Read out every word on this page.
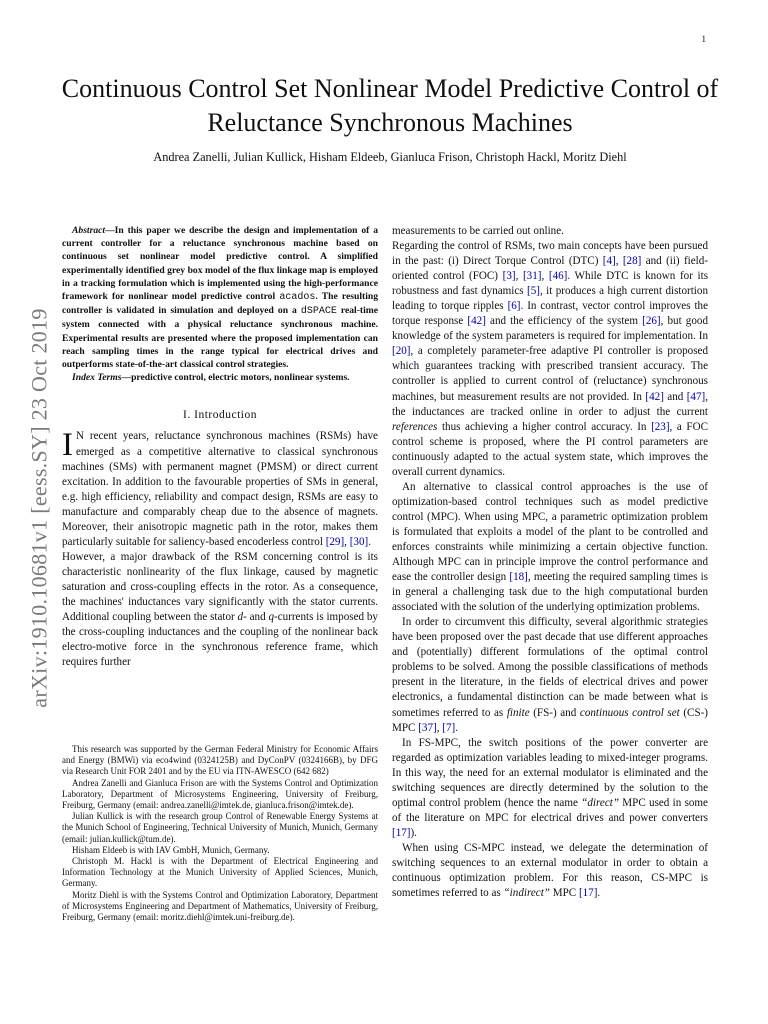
1
arXiv:1910.10681v1 [eess.SY] 23 Oct 2019
Continuous Control Set Nonlinear Model Predictive Control of Reluctance Synchronous Machines
Andrea Zanelli, Julian Kullick, Hisham Eldeeb, Gianluca Frison, Christoph Hackl, Moritz Diehl

Abstract—In this paper we describe the design and implementation of a current controller for a reluctance synchronous machine based on continuous set nonlinear model predictive control. A simplified experimentally identified grey box model of the flux linkage map is employed in a tracking formulation which is implemented using the high-performance framework for nonlinear model predictive control acados. The resulting controller is validated in simulation and deployed on a dSPACE real-time system connected with a physical reluctance synchronous machine. Experimental results are presented where the proposed implementation can reach sampling times in the range typical for electrical drives and outperforms state-of-the-art classical control strategies.

Index Terms—predictive control, electric motors, nonlinear systems.

I. Introduction

I N recent years, reluctance synchronous machines (RSMs) have emerged as a competitive alternative to classical synchronous machines (SMs) with permanent magnet (PMSM) or direct current excitation. In addition to the favourable properties of SMs in general, e.g. high efficiency, reliability and compact design, RSMs are easy to manufacture and comparably cheap due to the absence of magnets. Moreover, their anisotropic magnetic path in the rotor, makes them particularly suitable for saliency-based encoderless control [29], [30].

However, a major drawback of the RSM concerning control is its characteristic nonlinearity of the flux linkage, caused by magnetic saturation and cross-coupling effects in the rotor. As a consequence, the machines' inductances vary significantly with the stator currents. Additional coupling between the stator d- and q-currents is imposed by the cross-coupling inductances and the coupling of the nonlinear back electro-motive force in the synchronous reference frame, which requires further

This research was supported by the German Federal Ministry for Economic Affairs and Energy (BMWi) via eco4wind (0324125B) and DyConPV (0324166B), by DFG via Research Unit FOR 2401 and by the EU via ITN-AWESCO (642 682)

Andrea Zanelli and Gianluca Frison are with the Systems Control and Optimization Laboratory, Department of Microsystems Engineering, University of Freiburg, Freiburg, Germany (email: andrea.zanelli@imtek.de, gianluca.frison@imtek.de).

Julian Kullick is with the research group Control of Renewable Energy Systems at the Munich School of Engineering, Technical University of Munich, Munich, Germany (email: julian.kullick@tum.de).

Hisham Eldeeb is with IAV GmbH, Munich, Germany.

Christoph M. Hackl is with the Department of Electrical Engineering and Information Technology at the Munich University of Applied Sciences, Munich, Germany.

Moritz Diehl is with the Systems Control and Optimization Laboratory, Department of Microsystems Engineering and Department of Mathematics, University of Freiburg, Freiburg, Germany (email: moritz.diehl@imtek.uni-freiburg.de).

measurements to be carried out online.

Regarding the control of RSMs, two main concepts have been pursued in the past: (i) Direct Torque Control (DTC) [4], [28] and (ii) field-oriented control (FOC) [3], [31], [46]. While DTC is known for its robustness and fast dynamics [5], it produces a high current distortion leading to torque ripples [6]. In contrast, vector control improves the torque response [42] and the efficiency of the system [26], but good knowledge of the system parameters is required for implementation. In [20], a completely parameter-free adaptive PI controller is proposed which guarantees tracking with prescribed transient accuracy. The controller is applied to current control of (reluctance) synchronous machines, but measurement results are not provided. In [42] and [47], the inductances are tracked online in order to adjust the current references thus achieving a higher control accuracy. In [23], a FOC control scheme is proposed, where the PI control parameters are continuously adapted to the actual system state, which improves the overall current dynamics.

An alternative to classical control approaches is the use of optimization-based control techniques such as model predictive control (MPC). When using MPC, a parametric optimization problem is formulated that exploits a model of the plant to be controlled and enforces constraints while minimizing a certain objective function. Although MPC can in principle improve the control performance and ease the controller design [18], meeting the required sampling times is in general a challenging task due to the high computational burden associated with the solution of the underlying optimization problems.

In order to circumvent this difficulty, several algorithmic strategies have been proposed over the past decade that use different approaches and (potentially) different formulations of the optimal control problems to be solved. Among the possible classifications of methods present in the literature, in the fields of electrical drives and power electronics, a fundamental distinction can be made between what is sometimes referred to as finite (FS-) and continuous control set (CS-) MPC [37], [7].

In FS-MPC, the switch positions of the power converter are regarded as optimization variables leading to mixed-integer programs. In this way, the need for an external modulator is eliminated and the switching sequences are directly determined by the solution to the optimal control problem (hence the name “direct” MPC used in some of the literature on MPC for electrical drives and power converters [17]).

When using CS-MPC instead, we delegate the determination of switching sequences to an external modulator in order to obtain a continuous optimization problem. For this reason, CS-MPC is sometimes referred to as “indirect” MPC [17].
